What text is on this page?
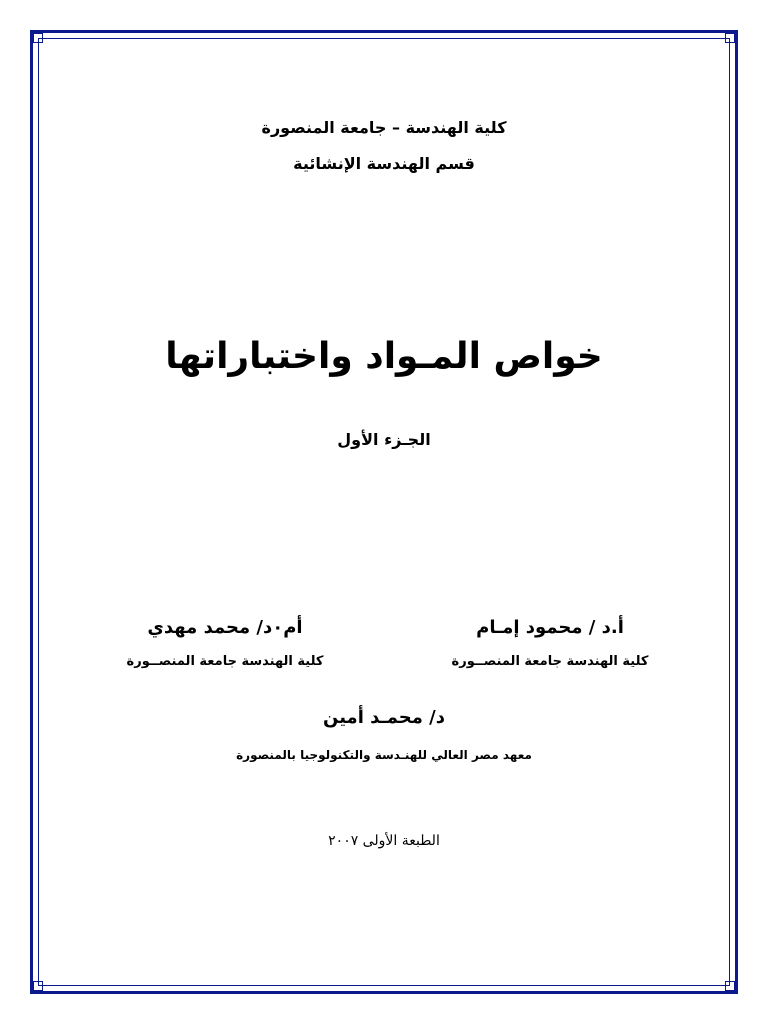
كلية الهندسة – جامعة المنصورة
قسم الهندسة الإنشائية
خواص المـواد واختباراتها
الجـزء الأول
أ.د / محمود إمـام
كلية الهندسة جامعة المنصــورة
أم٠د/ محمد مهدي
كلية الهندسة جامعة المنصــورة
د/ محمـد أمين
معهد مصر العالي للهنـدسة والتكنولوجيا بالمنصورة
الطبعة الأولى ٢٠٠٧
